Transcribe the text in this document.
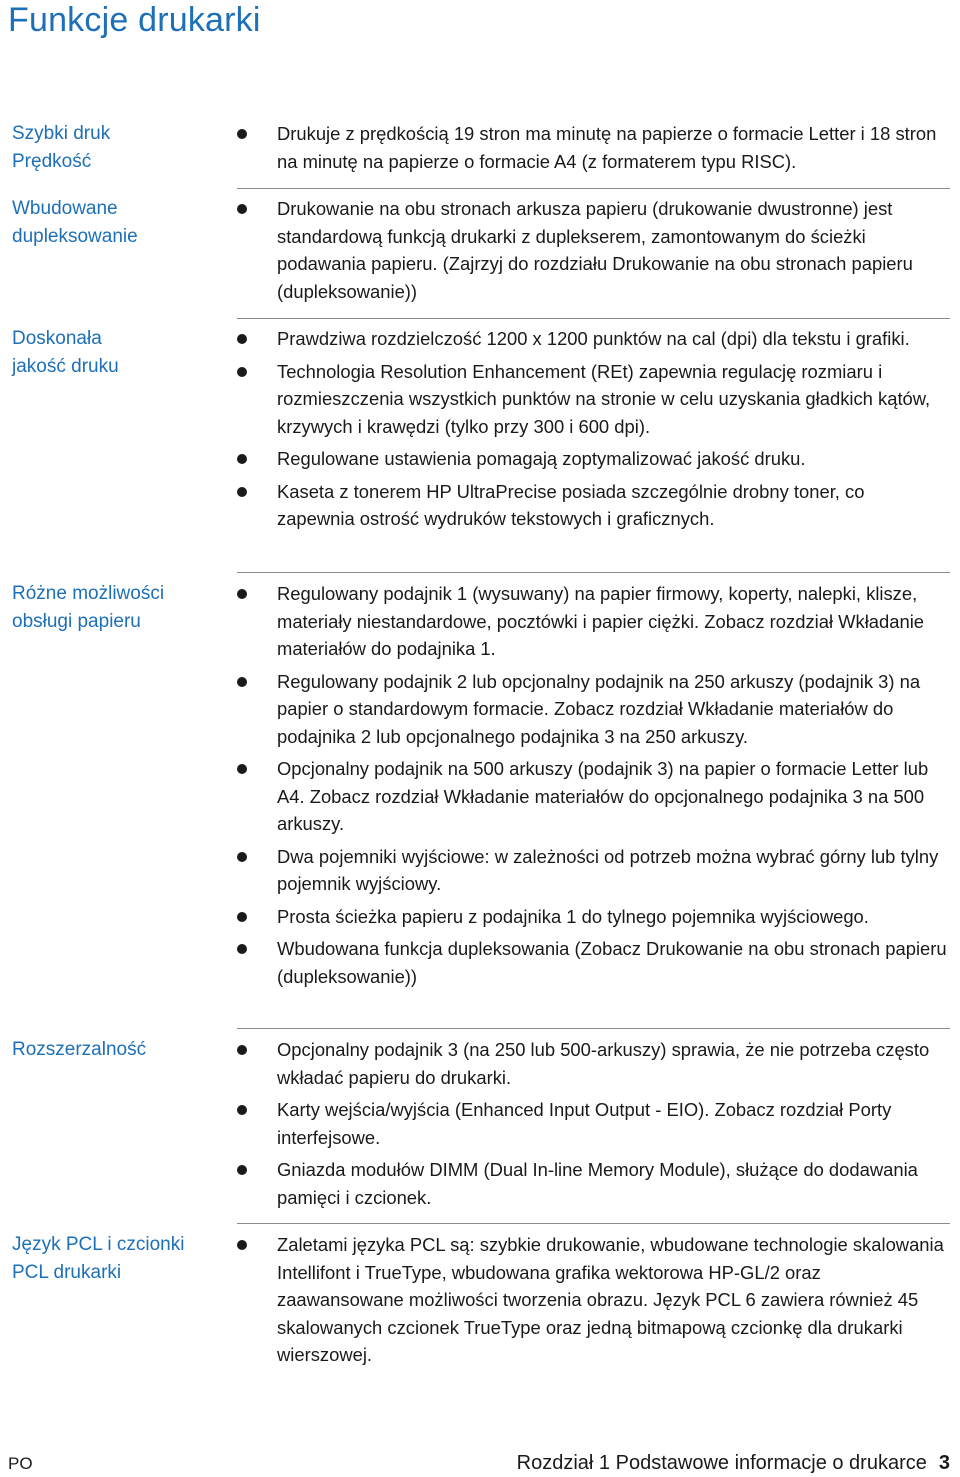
Funkcje drukarki
Szybki druk
Prędkość
Drukuje z prędkością 19 stron ma minutę na papierze o formacie Letter i 18 stron na minutę na papierze o formacie A4 (z formaterem typu RISC).
Wbudowane
dupleksowanie
Drukowanie na obu stronach arkusza papieru (drukowanie dwustronne) jest standardową funkcją drukarki z duplekserem, zamontowanym do ścieżki podawania papieru. (Zajrzyj do rozdziału Drukowanie na obu stronach papieru (dupleksowanie))
Doskonała
jakość druku
Prawdziwa rozdzielczość 1200 x 1200 punktów na cal (dpi) dla tekstu i grafiki.
Technologia Resolution Enhancement (REt) zapewnia regulację rozmiaru i rozmieszczenia wszystkich punktów na stronie w celu uzyskania gładkich kątów, krzywych i krawędzi (tylko przy 300 i 600 dpi).
Regulowane ustawienia pomagają zoptymalizować jakość druku.
Kaseta z tonerem HP UltraPrecise posiada szczególnie drobny toner, co zapewnia ostrość wydruków tekstowych i graficznych.
Różne możliwości
obsługi papieru
Regulowany podajnik 1 (wysuwany) na papier firmowy, koperty, nalepki, klisze, materiały niestandardowe, pocztówki i papier ciężki. Zobacz rozdział Wkładanie materiałów do podajnika 1.
Regulowany podajnik 2 lub opcjonalny podajnik na 250 arkuszy (podajnik 3) na papier o standardowym formacie. Zobacz rozdział Wkładanie materiałów do podajnika 2 lub opcjonalnego podajnika 3 na 250 arkuszy.
Opcjonalny podajnik na 500 arkuszy (podajnik 3) na papier o formacie Letter lub A4. Zobacz rozdział Wkładanie materiałów do opcjonalnego podajnika 3 na 500 arkuszy.
Dwa pojemniki wyjściowe: w zależności od potrzeb można wybrać górny lub tylny pojemnik wyjściowy.
Prosta ścieżka papieru z podajnika 1 do tylnego pojemnika wyjściowego.
Wbudowana funkcja dupleksowania (Zobacz Drukowanie na obu stronach papieru (dupleksowanie))
Rozszerzalność	Opcjonalny podajnik 3 (na 250 lub 500-arkuszy) sprawia, że nie potrzeba często wkładać papieru do drukarki.
Karty wejścia/wyjścia (Enhanced Input Output - EIO). Zobacz rozdział Porty interfejsowe.
Gniazda modułów DIMM (Dual In-line Memory Module), służące do dodawania pamięci i czcionek.
Język PCL i czcionki
PCL drukarki
Zaletami języka PCL są: szybkie drukowanie, wbudowane technologie skalowania Intellifont i TrueType, wbudowana grafika wektorowa HP-GL/2 oraz zaawansowane możliwości tworzenia obrazu. Język PCL 6 zawiera również 45 skalowanych czcionek TrueType oraz jedną bitmapową czcionkę dla drukarki wierszowej.
PO	Rozdział 1 Podstawowe informacje o drukarce 3
